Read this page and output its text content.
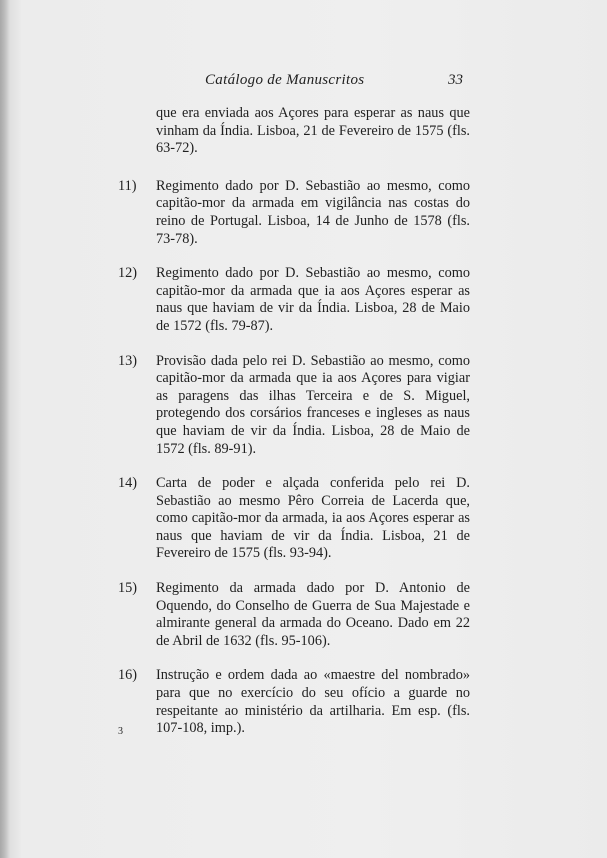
Catálogo de Manuscritos	33
que era enviada aos Açores para esperar as naus que vinham da Índia. Lisboa, 21 de Fevereiro de 1575 (fls. 63-72).
11)	Regimento dado por D. Sebastião ao mesmo, como capitão-mor da armada em vigilância nas costas do reino de Portugal. Lisboa, 14 de Junho de 1578 (fls. 73-78).
12)	Regimento dado por D. Sebastião ao mesmo, como capitão-mor da armada que ia aos Açores esperar as naus que haviam de vir da Índia. Lisboa, 28 de Maio de 1572 (fls. 79-87).
13)	Provisão dada pelo rei D. Sebastião ao mesmo, como capitão-mor da armada que ia aos Açores para vigiar as paragens das ilhas Terceira e de S. Miguel, protegendo dos corsários franceses e ingleses as naus que haviam de vir da Índia. Lisboa, 28 de Maio de 1572 (fls. 89-91).
14)	Carta de poder e alçada conferida pelo rei D. Sebastião ao mesmo Pêro Correia de Lacerda que, como capitão-mor da armada, ia aos Açores esperar as naus que haviam de vir da Índia. Lisboa, 21 de Fevereiro de 1575 (fls. 93-94).
15)	Regimento da armada dado por D. Antonio de Oquendo, do Conselho de Guerra de Sua Majestade e almirante general da armada do Oceano. Dado em 22 de Abril de 1632 (fls. 95-106).
16)	Instrução e ordem dada ao «maestre del nombrado» para que no exercício do seu ofício a guarde no respeitante ao ministério da artilharia. Em esp. (fls. 107-108, imp.).
3
